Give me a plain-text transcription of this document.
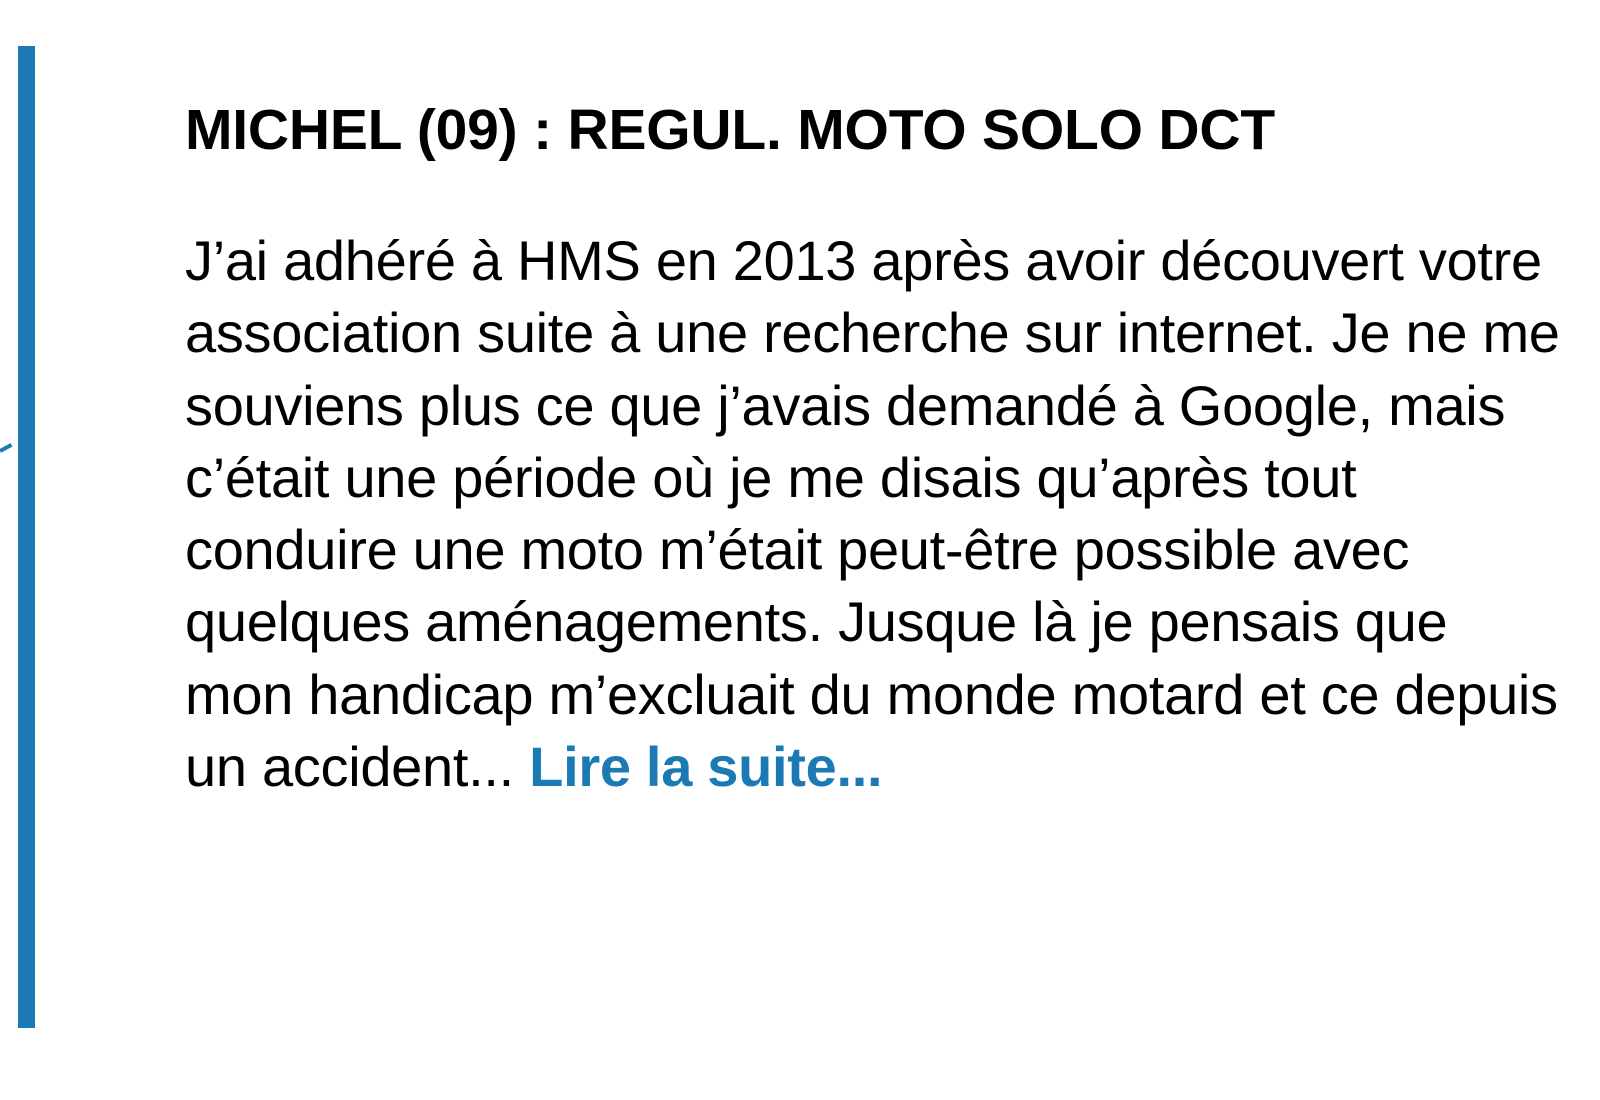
MICHEL (09) : REGUL. MOTO SOLO DCT

J’ai adhéré à HMS en 2013 après avoir découvert votre association suite à une recherche sur internet. Je ne me souviens plus ce que j’avais demandé à Google, mais c’était une période où je me disais qu’après tout conduire une moto m’était peut-être possible avec quelques aménagements. Jusque là je pensais que mon handicap m’excluait du monde motard et ce depuis un accident... Lire la suite...
